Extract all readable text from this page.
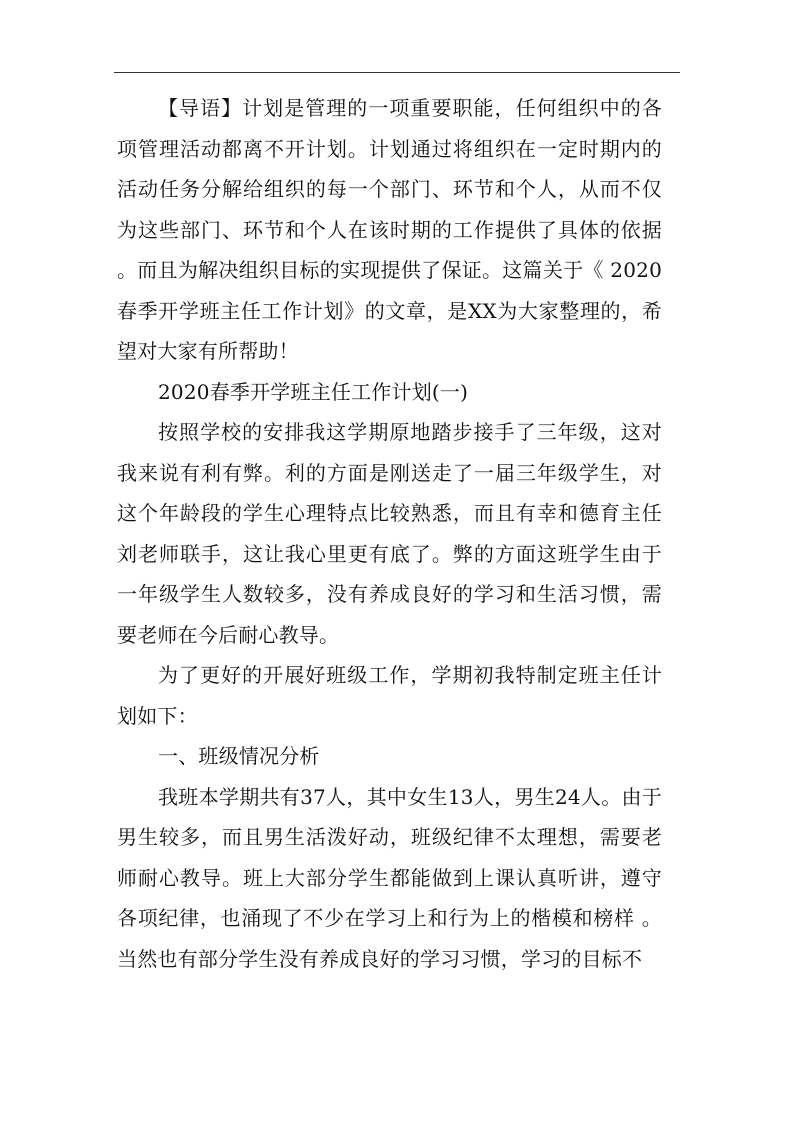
【导语】计划是管理的一项重要职能，任何组织中的各项管理活动都离不开计划。计划通过将组织在一定时期内的活动任务分解给组织的每一个部门、环节和个人，从而不仅为这些部门、环节和个人在该时期的工作提供了具体的依据 。而且为解决组织目标的实现提供了保证。这篇关于《 2020春季开学班主任工作计划》的文章，是XX为大家整理的，希望对大家有所帮助！

2020春季开学班主任工作计划(一)

按照学校的安排我这学期原地踏步接手了三年级，这对我来说有利有弊。利的方面是刚送走了一届三年级学生，对这个年龄段的学生心理特点比较熟悉，而且有幸和德育主任刘老师联手，这让我心里更有底了。弊的方面这班学生由于一年级学生人数较多，没有养成良好的学习和生活习惯，需要老师在今后耐心教导。

为了更好的开展好班级工作，学期初我特制定班主任计划如下：

一、班级情况分析

我班本学期共有37人，其中女生13人，男生24人。由于男生较多，而且男生活泼好动，班级纪律不太理想，需要老师耐心教导。班上大部分学生都能做到上课认真听讲，遵守各项纪律，也涌现了不少在学习上和行为上的楷模和榜样 。当然也有部分学生没有养成良好的学习习惯，学习的目标不
